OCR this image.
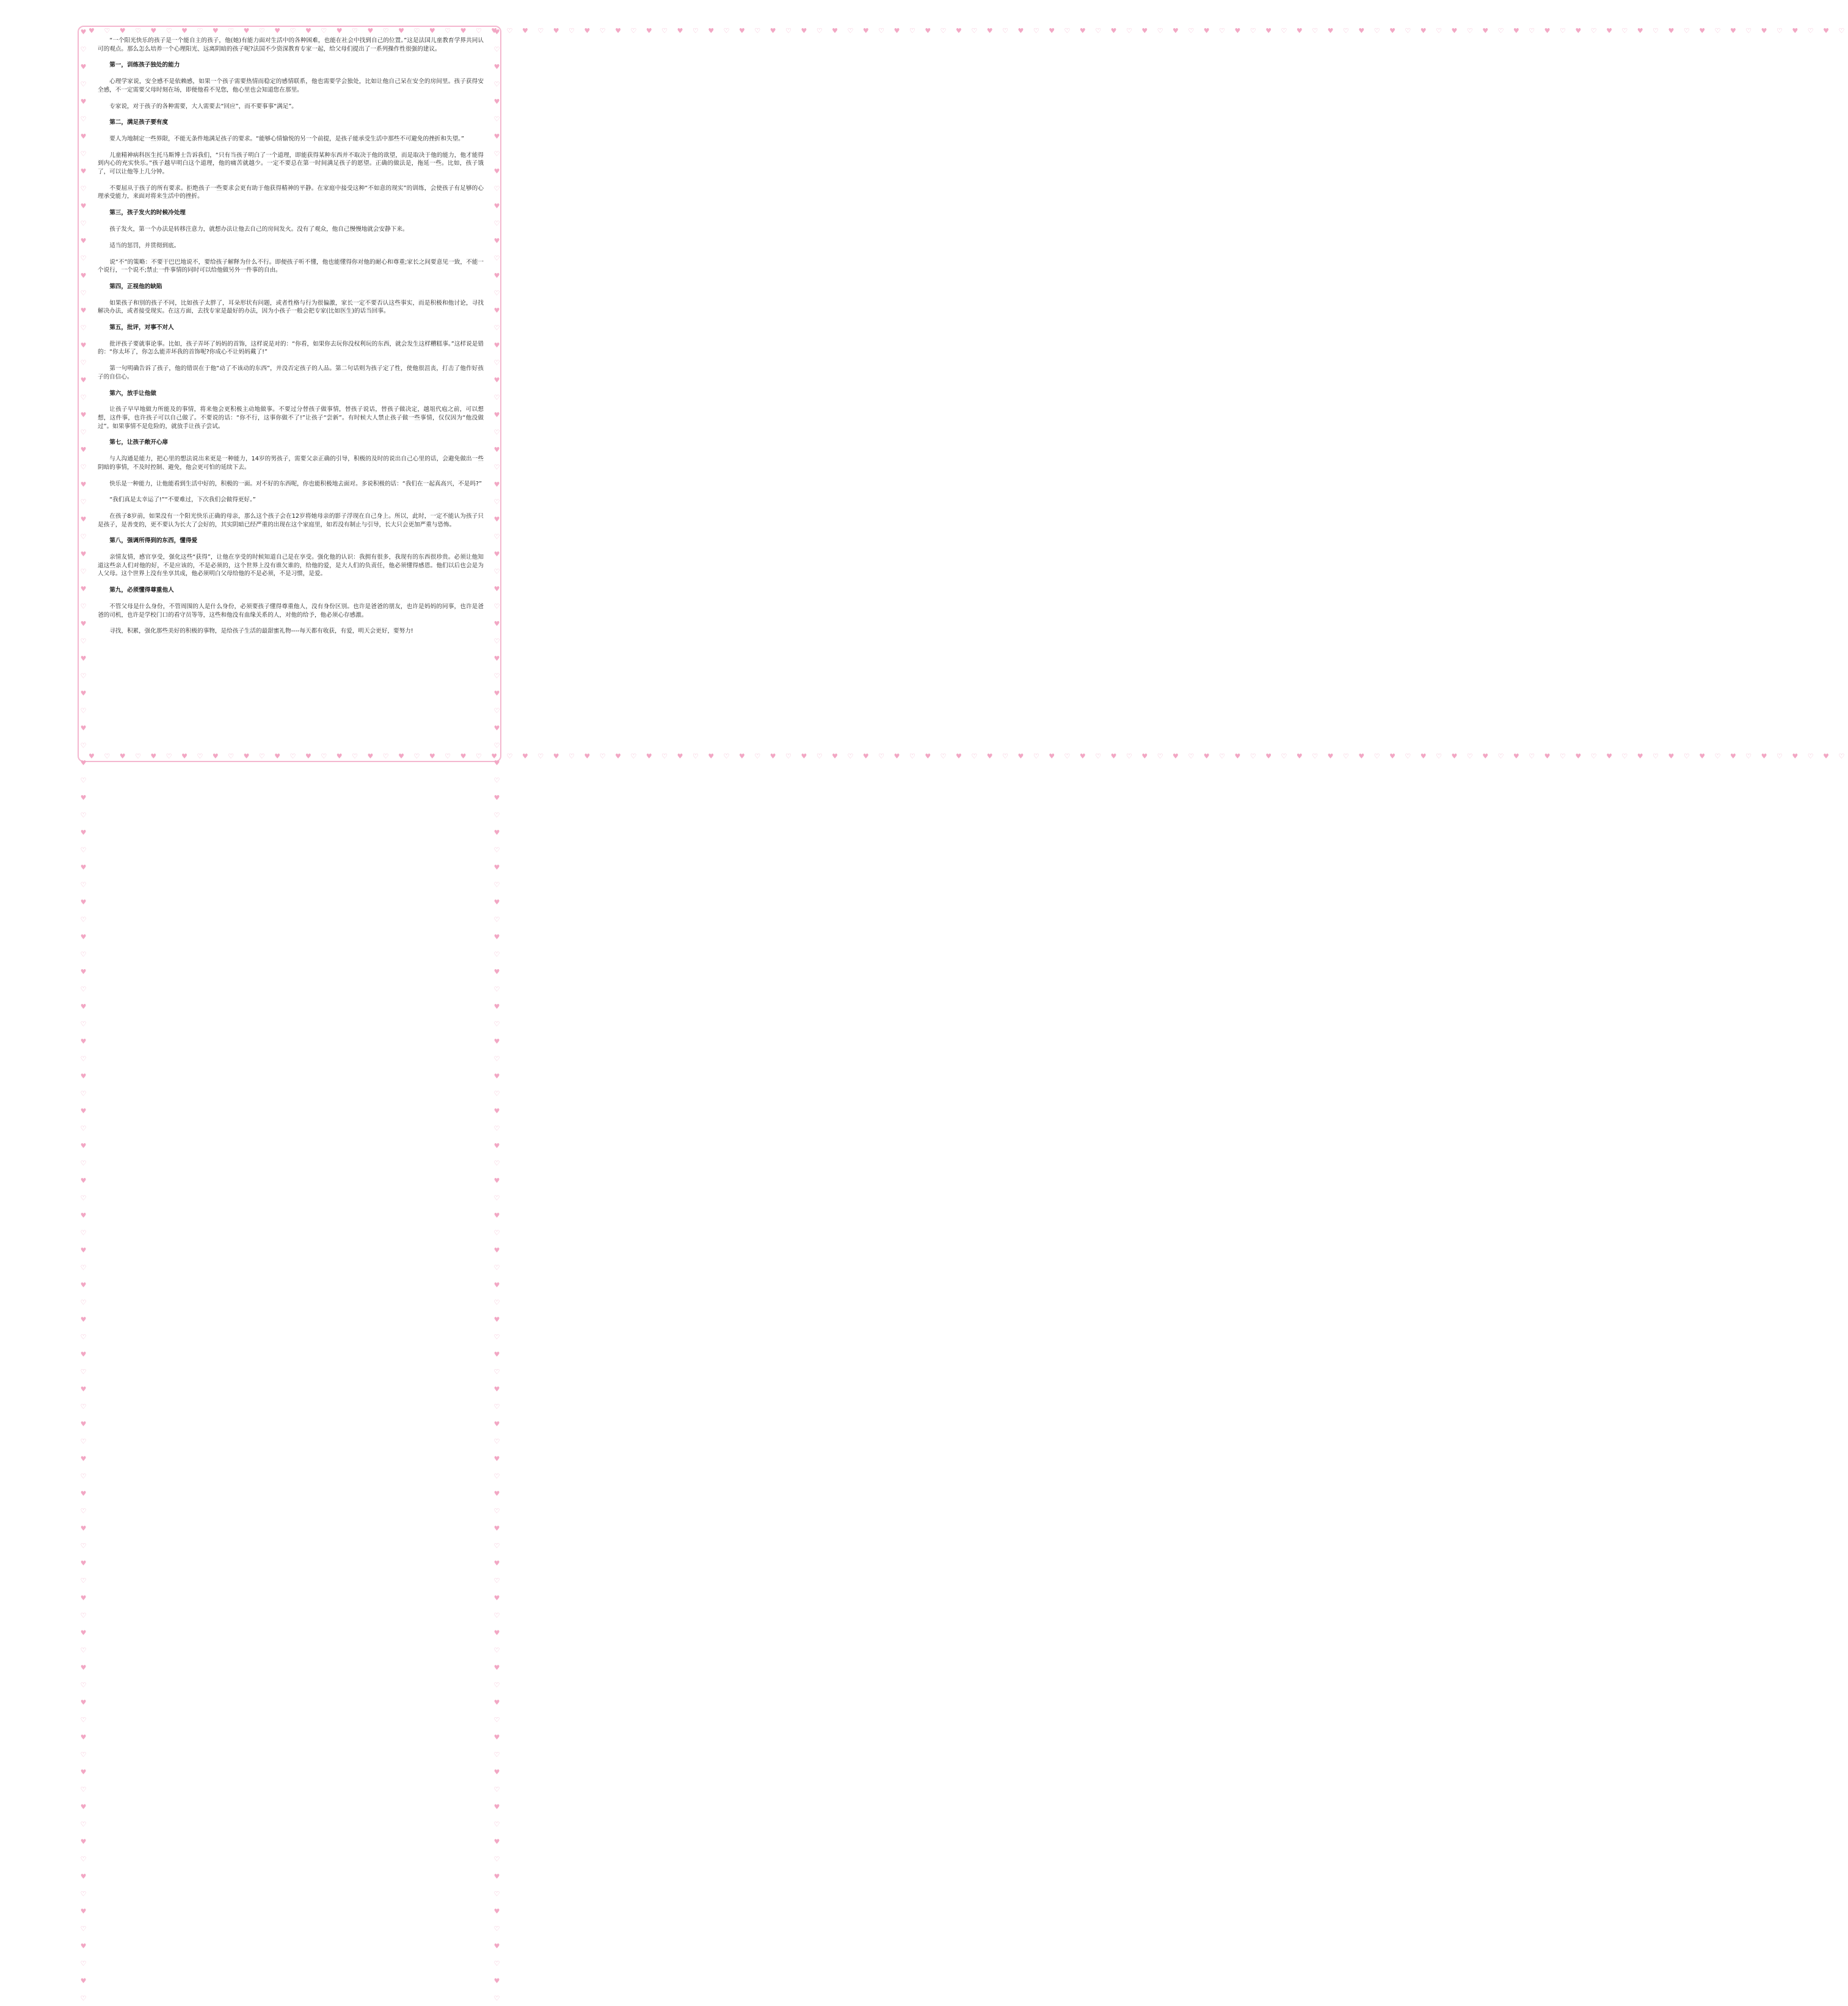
♥ ♡ ♥ ♡ ♥ ♡ ♥ ♡ ♥ ♡ ♥ ♡ ♥ ♡ ♥ ♡ ♥ ♡ ♥ ♡ ♥ ♡ ♥ ♡ ♥ ♡ ♥ ♡ ♥ ♡ ♥ ♡ ♥ ♡ ♥ ♡ ♥ ♡ ♥ ♡ ♥ ♡ ♥ ♡ ♥ ♡ ♥ ♡ ♥ ♡ ♥ ♡ ♥ ♡ ♥ ♡ ♥ ♡ ♥ ♡ ♥ ♡ ♥ ♡ ♥ ♡ ♥ ♡ ♥ ♡ ♥ ♡ ♥ ♡ ♥ ♡ ♥ ♡ ♥ ♡ ♥ ♡ ♥ ♡ ♥ ♡ ♥ ♡ ♥ ♡ ♥ ♡ ♥ ♡ ♥ ♡ ♥ ♡ ♥ ♡ ♥ ♡ ♥ ♡ ♥ ♡ ♥ ♡ ♥ ♡ ♥ ♡ ♥ ♡
♥ ♡ ♥ ♡ ♥ ♡ ♥ ♡ ♥ ♡ ♥ ♡ ♥ ♡ ♥ ♡ ♥ ♡ ♥ ♡ ♥ ♡ ♥ ♡ ♥ ♡ ♥ ♡ ♥ ♡ ♥ ♡ ♥ ♡ ♥ ♡ ♥ ♡ ♥ ♡ ♥ ♡ ♥ ♡ ♥ ♡ ♥ ♡ ♥ ♡ ♥ ♡ ♥ ♡ ♥ ♡ ♥ ♡ ♥ ♡ ♥ ♡ ♥ ♡ ♥ ♡ ♥ ♡ ♥ ♡ ♥ ♡ ♥ ♡ ♥ ♡ ♥ ♡ ♥ ♡ ♥ ♡ ♥ ♡ ♥ ♡ ♥ ♡ ♥ ♡ ♥ ♡ ♥ ♡ ♥ ♡ ♥ ♡ ♥ ♡ ♥ ♡ ♥ ♡ ♥ ♡ ♥ ♡ ♥ ♡ ♥ ♡ ♥ ♡
♥ ♡ ♥ ♡ ♥ ♡ ♥ ♡ ♥ ♡ ♥ ♡ ♥ ♡ ♥ ♡ ♥ ♡ ♥ ♡ ♥ ♡ ♥ ♡ ♥ ♡ ♥ ♡ ♥ ♡ ♥ ♡ ♥ ♡ ♥ ♡ ♥ ♡ ♥ ♡ ♥ ♡ ♥ ♡ ♥ ♡ ♥ ♡ ♥ ♡ ♥ ♡ ♥ ♡ ♥ ♡ ♥ ♡ ♥ ♡ ♥ ♡ ♥ ♡ ♥ ♡ ♥ ♡ ♥ ♡ ♥ ♡ ♥ ♡ ♥ ♡ ♥ ♡ ♥ ♡ ♥ ♡ ♥ ♡ ♥ ♡ ♥ ♡ ♥ ♡ ♥ ♡ ♥ ♡ ♥ ♡ ♥ ♡ ♥ ♡ ♥ ♡ ♥ ♡ ♥ ♡ ♥ ♡ ♥ ♡ ♥ ♡ ♥ ♡	♥ ♡ ♥ ♡ ♥ ♡ ♥ ♡ ♥ ♡ ♥ ♡ ♥ ♡ ♥ ♡ ♥ ♡ ♥ ♡ ♥ ♡ ♥ ♡ ♥ ♡ ♥ ♡ ♥ ♡ ♥ ♡ ♥ ♡ ♥ ♡ ♥ ♡ ♥ ♡ ♥ ♡ ♥ ♡ ♥ ♡ ♥ ♡ ♥ ♡ ♥ ♡ ♥ ♡ ♥ ♡ ♥ ♡ ♥ ♡ ♥ ♡ ♥ ♡ ♥ ♡ ♥ ♡ ♥ ♡ ♥ ♡ ♥ ♡ ♥ ♡ ♥ ♡ ♥ ♡ ♥ ♡ ♥ ♡ ♥ ♡ ♥ ♡ ♥ ♡ ♥ ♡ ♥ ♡ ♥ ♡ ♥ ♡ ♥ ♡ ♥ ♡ ♥ ♡ ♥ ♡ ♥ ♡ ♥ ♡ ♥ ♡ ♥ ♡

“一个阳光快乐的孩子是一个能自主的孩子，他(她)有能力面对生活中的各种困难，也能在社会中找到自己的位置。”这是法国儿童教育学界共同认可的观点。那么怎么培养一个心理阳光、远离阴暗的孩子呢?法国不少资深教育专家一起，给父母们提出了一系列操作性很强的建议。

第一，训练孩子独处的能力

心理学家说，安全感不是依赖感，如果一个孩子需要热情而稳定的感情联系，他也需要学会独处，比如让他自己呆在安全的房间里。孩子获得安全感，不一定需要父母时刻在场，即便他看不见您，他心里也会知道您在那里。

专家说，对于孩子的各种需要，大人需要去“回应”，而不要事事“满足”。

第二，满足孩子要有度

要人为地制定一些界限，不能无条件地满足孩子的要求。“能够心情愉悦的另一个前提，是孩子能承受生活中那些不可避免的挫折和失望。”

儿童精神病科医生托马斯博士告诉我们，“只有当孩子明白了一个道理，即能获得某种东西并不取决于他的欲望，而是取决于他的能力，他才能得到内心的充实快乐。”孩子越早明白这个道理，他的痛苦就越少。一定不要总在第一时间满足孩子的愿望。正确的做法是，拖延一些。比如，孩子饿了，可以让他等上几分钟。

不要屈从于孩子的所有要求。拒绝孩子一些要求会更有助于他获得精神的平静。在家庭中接受这种“不如意的现实”的训练，会使孩子有足够的心理承受能力，来面对将来生活中的挫折。

第三，孩子发火的时候冷处理

孩子发火，第一个办法是转移注意力，就想办法让他去自己的房间发火。没有了观众，他自己慢慢地就会安静下来。

适当的惩罚，并贯彻到底。

说“不”的策略：不要干巴巴地说不，要给孩子解释为什么不行。即便孩子听不懂，他也能懂得你对他的耐心和尊重;家长之间要意见一致，不能一个说行，一个说不;禁止一件事情的同时可以给他做另外一件事的自由。

第四，正视他的缺陷

如果孩子和别的孩子不同，比如孩子太胖了，耳朵形状有问题，或者性格与行为很偏激，家长一定不要否认这些事实，而是积极和他讨论，寻找解决办法，或者接受现实。在这方面，去找专家是最好的办法，因为小孩子一般会把专家(比如医生)的话当回事。

第五，批评，对事不对人

批评孩子要就事论事。比如，孩子弄坏了妈妈的首饰，这样说是对的：“你看，如果你去玩你没权利玩的东西，就会发生这样糟糕事。”这样说是错的：“你太坏了，你怎么能弄坏我的首饰呢?你成心不让妈妈戴了!”

第一句明确告诉了孩子，他的错误在于他“动了不该动的东西”，并没否定孩子的人品。第二句话则为孩子定了性，使他很沮丧，打击了他作好孩子的自信心。

第六，放手让他做

让孩子早早地做力所能及的事情，将来他会更积极主动地做事。不要过分替孩子做事情，替孩子说话，替孩子做决定，越俎代庖之前，可以想想，这件事，也许孩子可以自己做了。不要说的话：“你不行，这事你做不了!”让孩子“尝新”。有时候大人禁止孩子做一些事情，仅仅因为“他没做过”。如果事情不是危险的，就放手让孩子尝试。

第七，让孩子敞开心扉

与人沟通是能力，把心里的想法说出来更是一种能力，14岁的男孩子，需要父亲正确的引导，积极的及时的说出自己心里的话，会避免做出一些阴暗的事情，不及时控制、避免，他会更可怕的延续下去。

快乐是一种能力，让他能看到生活中好的，积极的一面。对不好的东西呢，你也能积极地去面对。多说积极的话：“我们在一起真高兴，不是吗?”

“我们真是太幸运了!”“不要难过，下次我们会做得更好。”

在孩子8岁前，如果没有一个阳光快乐正确的母亲，那么这个孩子会在12岁将她母亲的影子浮现在自己身上。所以，此时，一定不能认为孩子只是孩子，是善变的，更不要认为长大了会好的，其实阴暗已经严重的出现在这个家庭里，如若没有制止与引导，长大只会更加严重与恐怖。

第八，强调所得到的东西，懂得爱

亲情友情，感官享受，强化这些“获得”，让他在享受的时候知道自己是在享受。强化他的认识：我拥有很多，我现有的东西很珍贵。必须让他知道这些亲人们对他的好，不是应该的，不是必须的，这个世界上没有谁欠谁的，给他的爱，是大人们的负责任，他必须懂得感恩。他们以后也会是为人父母。这个世界上没有坐享其成，他必须明白父母给他的不是必须，不是习惯，是爱。

第九，必须懂得尊重他人

不管父母是什么身份，不管周围的人是什么身份，必须要孩子懂得尊重他人，没有身份区别。也许是爸爸的朋友，也许是妈妈的同事，也许是爸爸的司机，也许是学校门口的看守员等等，这些和他没有血缘关系的人，对他的给予，他必须心存感激。

寻找，积累，强化那些美好的积极的事物，是给孩子生活的最甜蜜礼物----每天都有收获，有爱，明天会更好，要努力!
